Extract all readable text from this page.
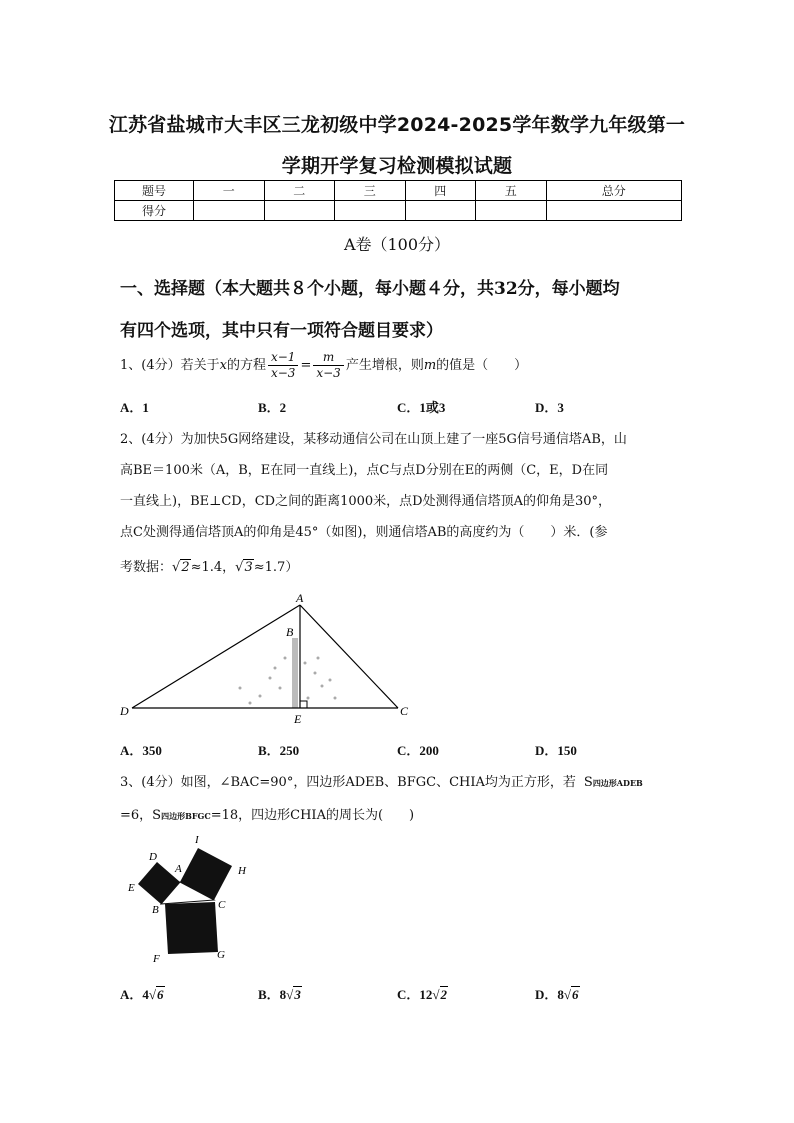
江苏省盐城市大丰区三龙初级中学2024-2025学年数学九年级第一
学期开学复习检测模拟试题
题号	一	二	三	四	五	总分
得分						
A卷（100分）
一、选择题（本大题共８个小题，每小题４分，共32分，每小题均
有四个选项，其中只有一项符合题目要求）
1、(4分）若关于x的方程 $\frac{x-1}{x-3} = \frac{m}{x-3}$ 产生增根，则m的值是（　　）
A．1	B．2	C．1或3	D．3
2、(4分）为加快5G网络建设，某移动通信公司在山顶上建了一座5G信号通信塔AB，山
高BE＝100米（A，B，E在同一直线上)，点C与点D分别在E的两侧（C，E，D在同
一直线上)，BE⊥CD，CD之间的距离1000米，点D处测得通信塔顶A的仰角是30°，
点C处测得通信塔顶A的仰角是45°（如图)，则通信塔AB的高度约为（　　）米．(参
考数据：√2≈1.4，√3≈1.7）
A
B
D	C
E
A．350	B．250	C．200	D．150
3、(4分）如图，∠BAC=90°，四边形ADEB、BFGC、CHIA均为正方形，若 S四边形ADEB
=6，S四边形BFGC=18，四边形CHIA的周长为(　　)
D
A
I
H
E
B	C
F	G
A．4√6	B．8√3	C．12√2	D．8√6
